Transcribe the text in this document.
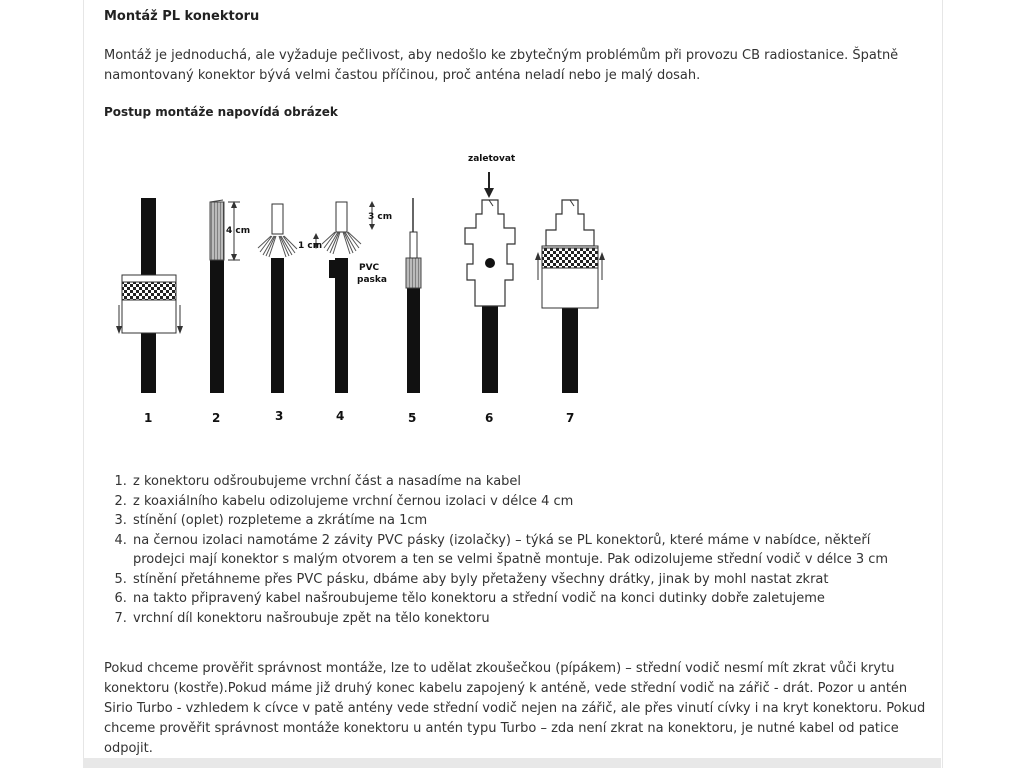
Montáž PL konektoru
Montáž je jednoduchá, ale vyžaduje pečlivost, aby nedošlo ke zbytečným problémům při provozu CB radiostanice. Špatně namontovaný konektor bývá velmi častou příčinou, proč anténa neladí nebo je malý dosah.
Postup montáže napovídá obrázek
zaletovat
4 cm
1 cm
3 cm
PVC
paska
1	2	3	4	5	6	7
1. z konektoru odšroubujeme vrchní část a nasadíme na kabel
2. z koaxiálního kabelu odizolujeme vrchní černou izolaci v délce 4 cm
3. stínění (oplet) rozpleteme a zkrátíme na 1cm
4. na černou izolaci namotáme 2 závity PVC pásky (izolačky) – týká se PL konektorů, které máme v nabídce, někteří prodejci mají konektor s malým otvorem a ten se velmi špatně montuje. Pak odizolujeme střední vodič v délce 3 cm
5. stínění přetáhneme přes PVC pásku, dbáme aby byly přetaženy všechny drátky, jinak by mohl nastat zkrat
6. na takto připravený kabel našroubujeme tělo konektoru a střední vodič na konci dutinky dobře zaletujeme
7. vrchní díl konektoru našroubuje zpět na tělo konektoru
Pokud chceme prověřit správnost montáže, lze to udělat zkoušečkou (pípákem) – střední vodič nesmí mít zkrat vůči krytu konektoru (kostře).Pokud máme již druhý konec kabelu zapojený k anténě, vede střední vodič na zářič - drát. Pozor u antén Sirio Turbo - vzhledem k cívce v patě antény vede střední vodič nejen na zářič, ale přes vinutí cívky i na kryt konektoru. Pokud chceme prověřit správnost montáže konektoru u antén typu Turbo – zda není zkrat na konektoru, je nutné kabel od patice odpojit.
